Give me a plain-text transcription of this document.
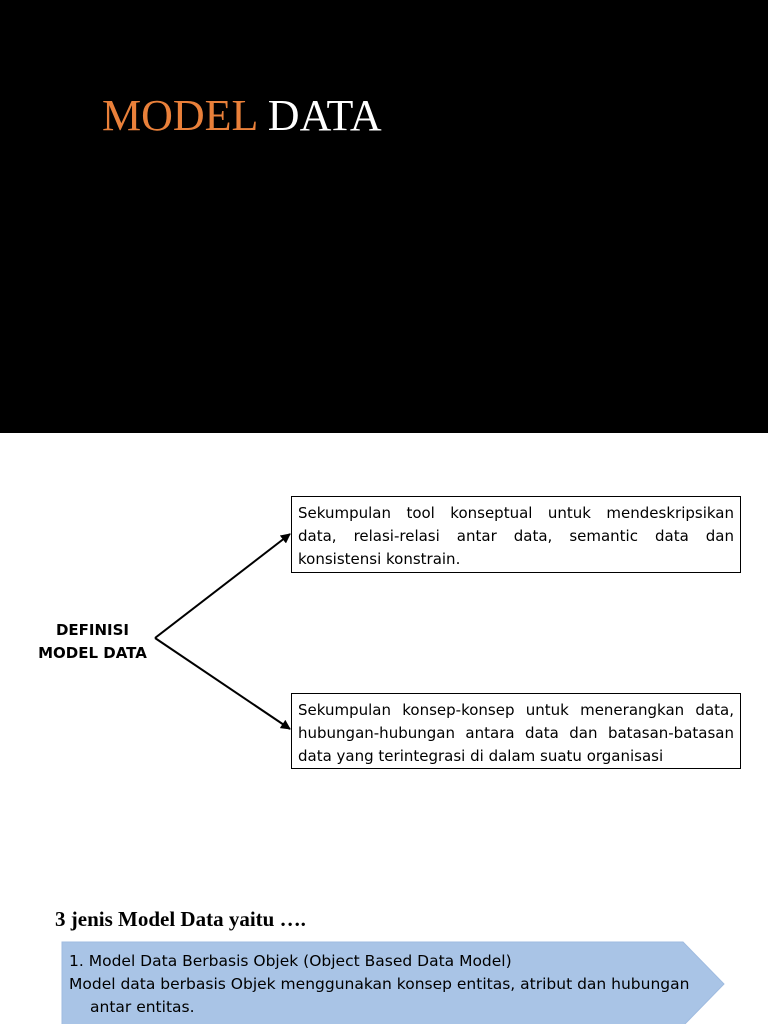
MODEL DATA
DEFINISI MODEL DATA
Sekumpulan tool konseptual untuk mendeskripsikan data, relasi-relasi antar data, semantic data dan konsistensi konstrain.
Sekumpulan konsep-konsep untuk menerangkan data, hubungan-hubungan antara data dan batasan-batasan data yang terintegrasi di dalam suatu organisasi
3 jenis Model Data yaitu ….
1. Model Data Berbasis Objek (Object Based Data Model)
Model data berbasis Objek menggunakan konsep entitas, atribut dan hubungan
antar entitas.
